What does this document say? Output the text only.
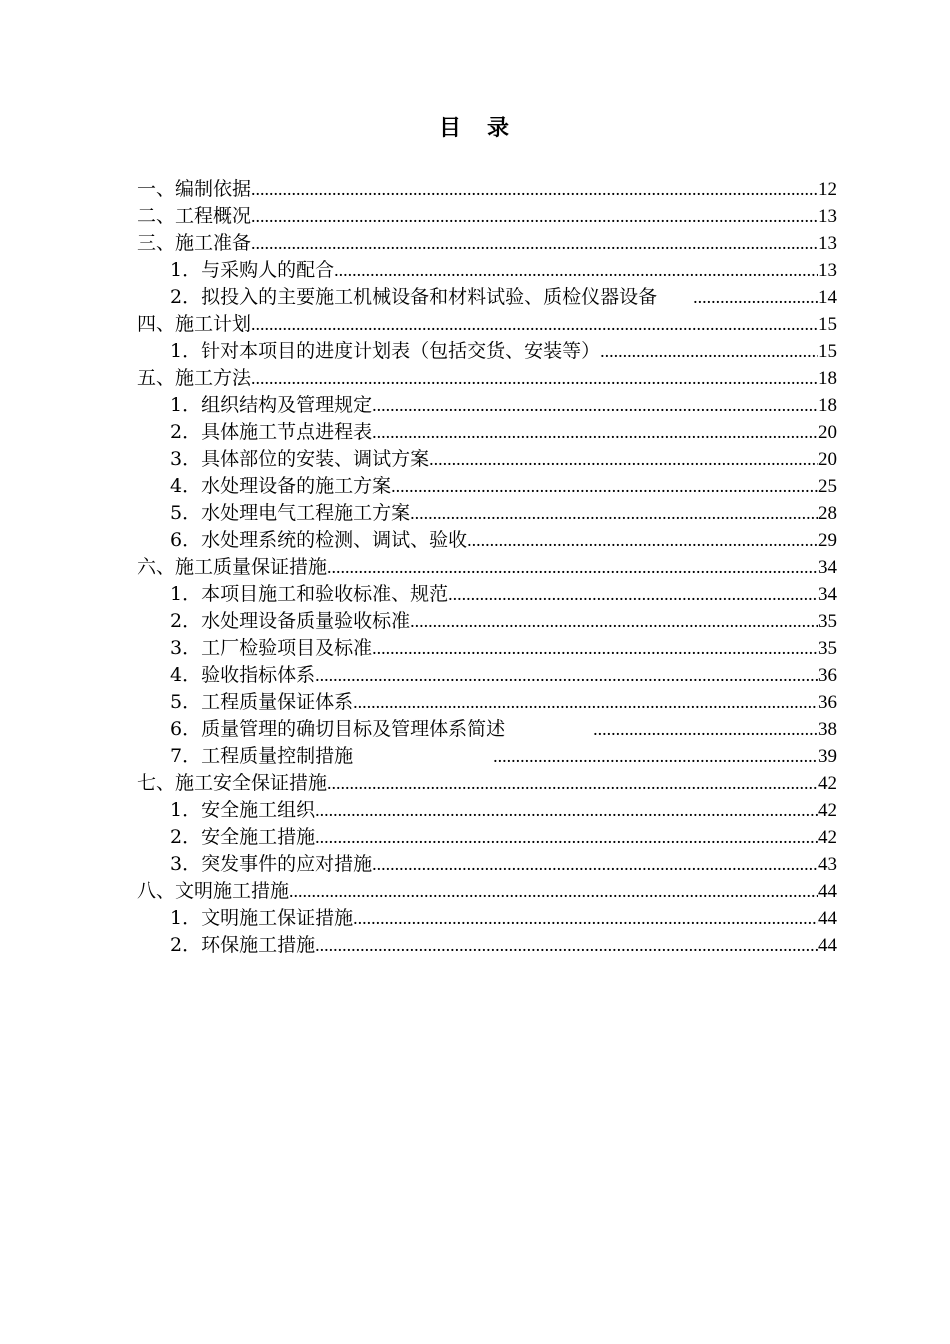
目　录
一、编制依据 .....	12
二、工程概况 .....	13
三、施工准备 .....	13
1．与采购人的配合 .....	13
2．拟投入的主要施工机械设备和材料试验、质检仪器设备 .....	14
四、施工计划 .....	15
1．针对本项目的进度计划表（包括交货、安装等） .....	15
五、施工方法 .....	18
1．组织结构及管理规定 .....	18
2．具体施工节点进程表 .....	20
3．具体部位的安装、调试方案 .....	20
4．水处理设备的施工方案 .....	25
5．水处理电气工程施工方案 .....	28
6．水处理系统的检测、调试、验收 .....	29
六、施工质量保证措施 .....	34
1．本项目施工和验收标准、规范 .....	34
2．水处理设备质量验收标准 .....	35
3．工厂检验项目及标准 .....	35
4．验收指标体系 .....	36
5．工程质量保证体系 .....	36
6．质量管理的确切目标及管理体系简述 .....	38
7．工程质量控制措施 .....	39
七、施工安全保证措施 .....	42
1．安全施工组织 .....	42
2．安全施工措施 .....	42
3．突发事件的应对措施 .....	43
八、文明施工措施 .....	44
1．文明施工保证措施 .....	44
2．环保施工措施 .....	44
